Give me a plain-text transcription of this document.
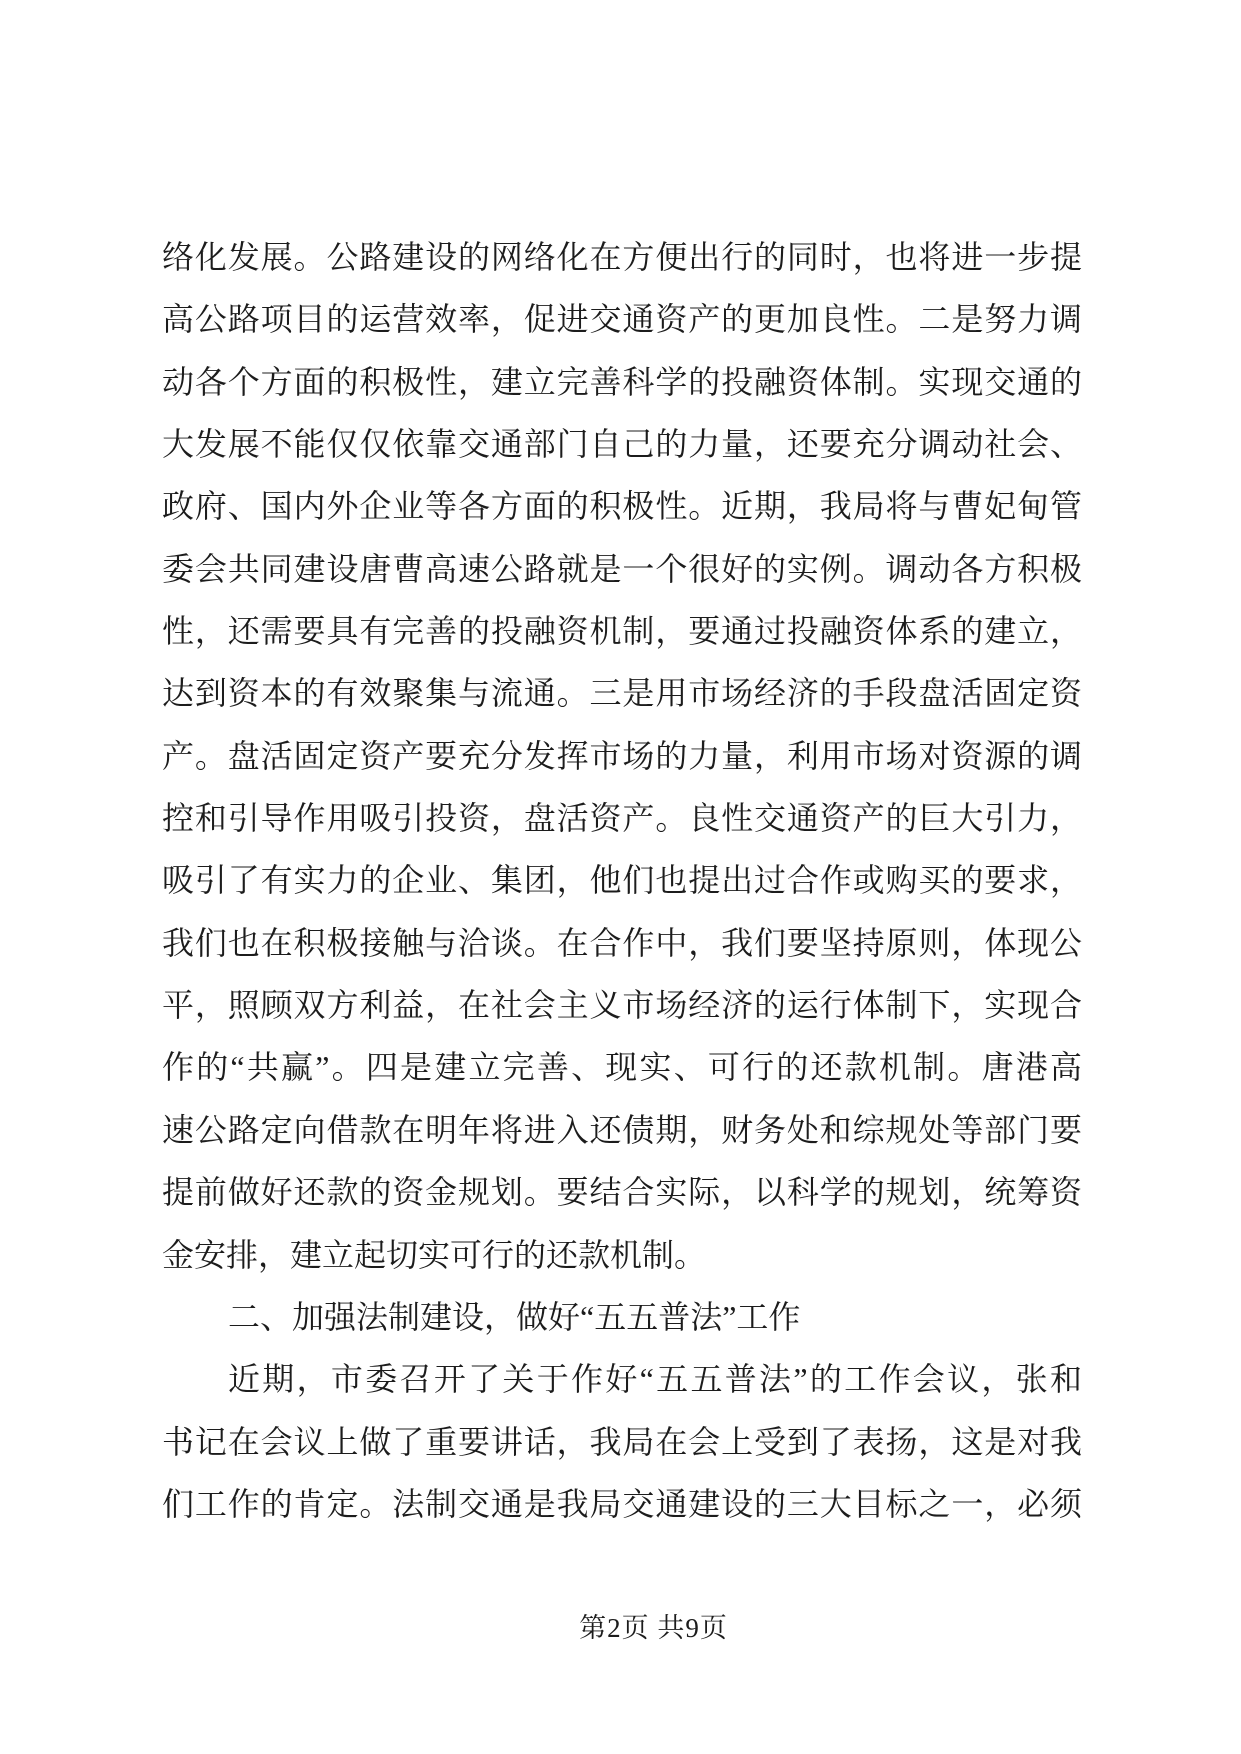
络化发展。公路建设的网络化在方便出行的同时，也将进一步提
高公路项目的运营效率，促进交通资产的更加良性。二是努力调
动各个方面的积极性，建立完善科学的投融资体制。实现交通的
大发展不能仅仅依靠交通部门自己的力量，还要充分调动社会、
政府、国内外企业等各方面的积极性。近期，我局将与曹妃甸管
委会共同建设唐曹高速公路就是一个很好的实例。调动各方积极
性，还需要具有完善的投融资机制，要通过投融资体系的建立，
达到资本的有效聚集与流通。三是用市场经济的手段盘活固定资
产。盘活固定资产要充分发挥市场的力量，利用市场对资源的调
控和引导作用吸引投资，盘活资产。良性交通资产的巨大引力，
吸引了有实力的企业、集团，他们也提出过合作或购买的要求，
我们也在积极接触与洽谈。在合作中，我们要坚持原则，体现公
平，照顾双方利益，在社会主义市场经济的运行体制下，实现合
作的“共赢”。四是建立完善、现实、可行的还款机制。唐港高
速公路定向借款在明年将进入还债期，财务处和综规处等部门要
提前做好还款的资金规划。要结合实际，以科学的规划，统筹资
金安排，建立起切实可行的还款机制。
二、加强法制建设，做好“五五普法”工作
近期，市委召开了关于作好“五五普法”的工作会议，张和
书记在会议上做了重要讲话，我局在会上受到了表扬，这是对我
们工作的肯定。法制交通是我局交通建设的三大目标之一，必须
第2页 共9页
